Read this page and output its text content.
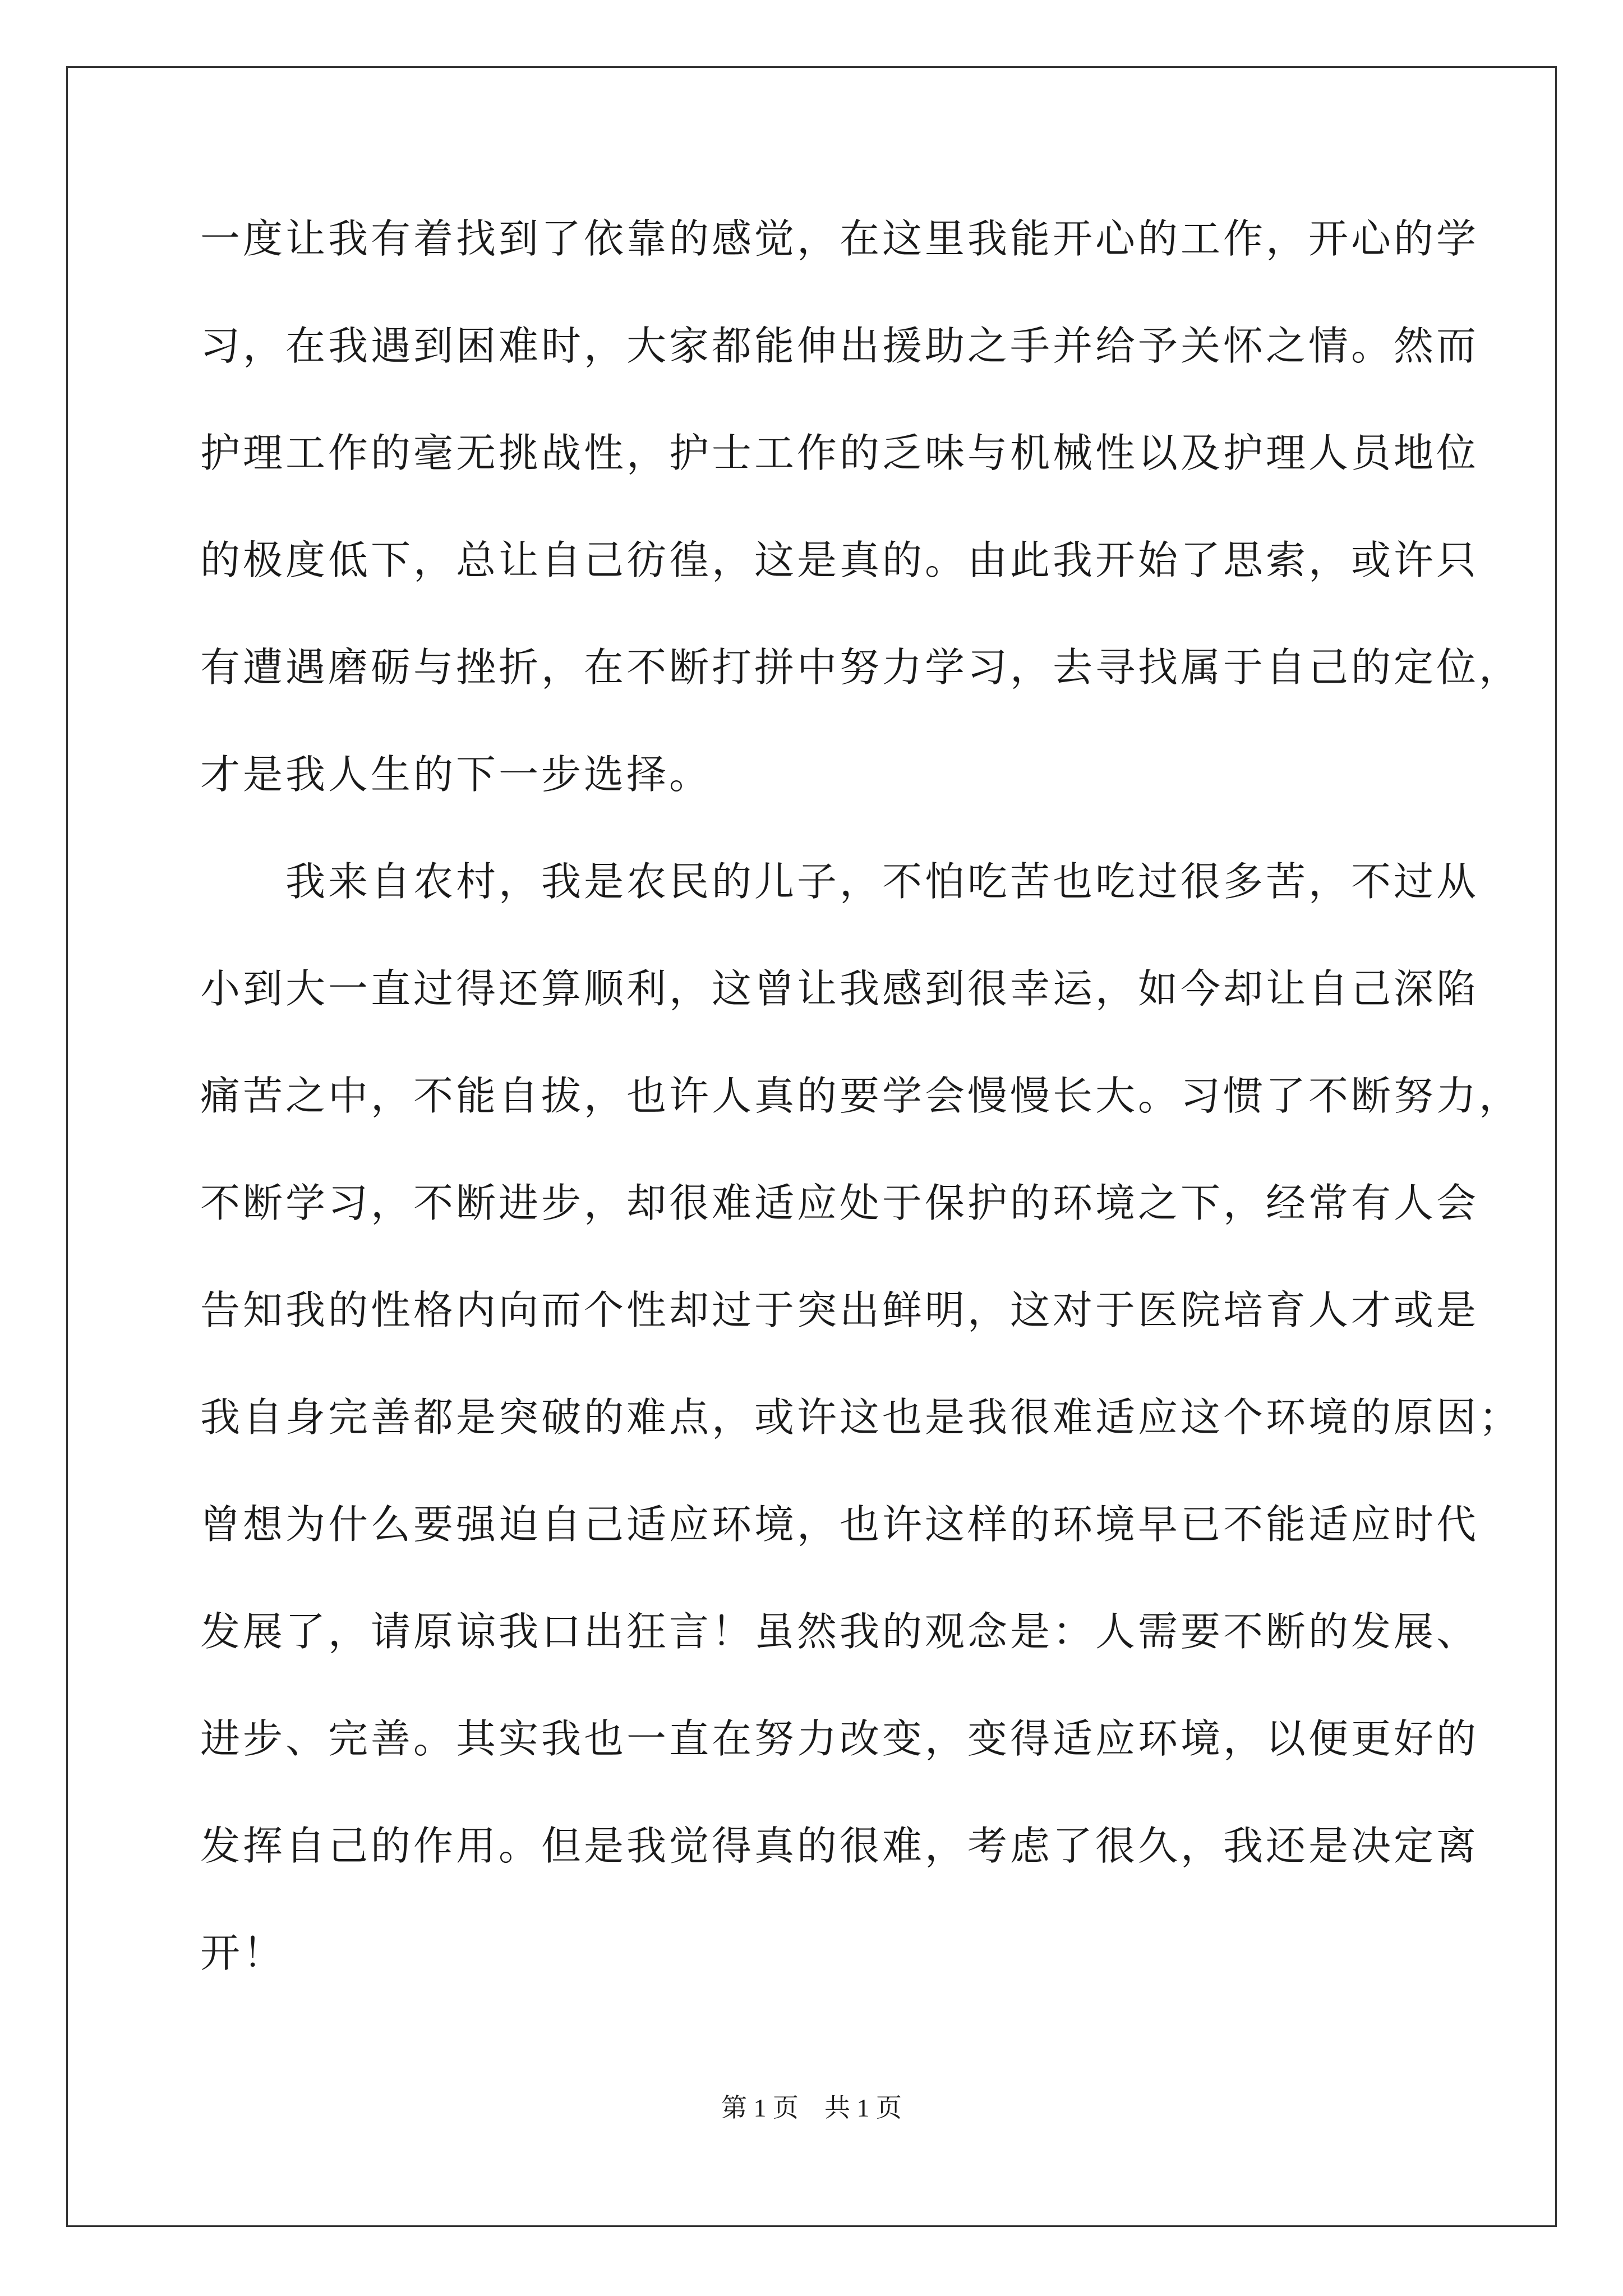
一度让我有着找到了依靠的感觉，在这里我能开心的工作，开心的学
习，在我遇到困难时，大家都能伸出援助之手并给予关怀之情。然而
护理工作的毫无挑战性，护士工作的乏味与机械性以及护理人员地位
的极度低下，总让自己彷徨，这是真的。由此我开始了思索，或许只
有遭遇磨砺与挫折，在不断打拼中努力学习，去寻找属于自己的定位，
才是我人生的下一步选择。
　　我来自农村，我是农民的儿子，不怕吃苦也吃过很多苦，不过从
小到大一直过得还算顺利，这曾让我感到很幸运，如今却让自己深陷
痛苦之中，不能自拔，也许人真的要学会慢慢长大。习惯了不断努力，
不断学习，不断进步，却很难适应处于保护的环境之下，经常有人会
告知我的性格内向而个性却过于突出鲜明，这对于医院培育人才或是
我自身完善都是突破的难点，或许这也是我很难适应这个环境的原因；
曾想为什么要强迫自己适应环境，也许这样的环境早已不能适应时代
发展了，请原谅我口出狂言！虽然我的观念是：人需要不断的发展、
进步、完善。其实我也一直在努力改变，变得适应环境，以便更好的
发挥自己的作用。但是我觉得真的很难，考虑了很久，我还是决定离
开！
第 1 页　共 1 页
